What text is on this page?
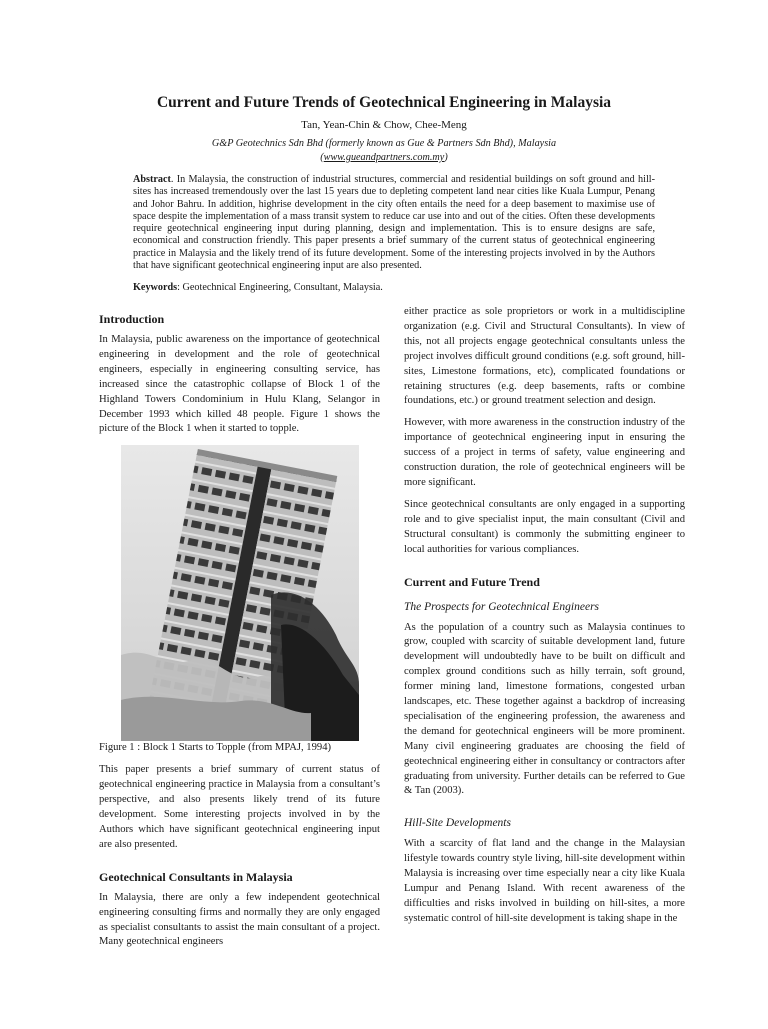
Current and Future Trends of Geotechnical Engineering in Malaysia

Tan, Yean-Chin & Chow, Chee-Meng

G&P Geotechnics Sdn Bhd (formerly known as Gue & Partners Sdn Bhd), Malaysia

(www.gueandpartners.com.my)

Abstract. In Malaysia, the construction of industrial structures, commercial and residential buildings on soft ground and hill-sites has increased tremendously over the last 15 years due to depleting competent land near cities like Kuala Lumpur, Penang and Johor Bahru. In addition, highrise development in the city often entails the need for a deep basement to maximise use of space despite the implementation of a mass transit system to reduce car use into and out of the cities. Often these developments require geotechnical engineering input during planning, design and implementation. This is to ensure designs are safe, economical and construction friendly. This paper presents a brief summary of the current status of geotechnical engineering practice in Malaysia and the likely trend of its future development. Some of the interesting projects involved in by the Authors that have significant geotechnical engineering input are also presented.

Keywords: Geotechnical Engineering, Consultant, Malaysia.

Introduction

In Malaysia, public awareness on the importance of geotechnical engineering in development and the role of geotechnical engineers, especially in engineering consulting service, has increased since the catastrophic collapse of Block 1 of the Highland Towers Condominium in Hulu Klang, Selangor in December 1993 which killed 48 people. Figure 1 shows the picture of the Block 1 when it started to topple.

Figure 1 : Block 1 Starts to Topple (from MPAJ, 1994)

This paper presents a brief summary of current status of geotechnical engineering practice in Malaysia from a consultant’s perspective, and also presents likely trend of its future development. Some interesting projects involved in by the Authors which have significant geotechnical engineering input are also presented.

Geotechnical Consultants in Malaysia

In Malaysia, there are only a few independent geotechnical engineering consulting firms and normally they are only engaged as specialist consultants to assist the main consultant of a project. Many geotechnical engineers

either practice as sole proprietors or work in a multidiscipline organization (e.g. Civil and Structural Consultants). In view of this, not all projects engage geotechnical consultants unless the project involves difficult ground conditions (e.g. soft ground, hill-sites, Limestone formations, etc), complicated foundations or retaining structures (e.g. deep basements, rafts or combine foundations, etc.) or ground treatment selection and design.

However, with more awareness in the construction industry of the importance of geotechnical engineering input in ensuring the success of a project in terms of safety, value engineering and construction duration, the role of geotechnical engineers will be more significant.

Since geotechnical consultants are only engaged in a supporting role and to give specialist input, the main consultant (Civil and Structural consultant) is commonly the submitting engineer to local authorities for various compliances.

Current and Future Trend
The Prospects for Geotechnical Engineers

As the population of a country such as Malaysia continues to grow, coupled with scarcity of suitable development land, future development will undoubtedly have to be built on difficult and complex ground conditions such as hilly terrain, soft ground, former mining land, limestone formations, congested urban landscapes, etc. These together against a backdrop of increasing specialisation of the engineering profession, the awareness and the demand for geotechnical engineers will be more prominent. Many civil engineering graduates are choosing the field of geotechnical engineering either in consultancy or contractors after graduating from university. Further details can be referred to Gue & Tan (2003).

Hill-Site Developments

With a scarcity of flat land and the change in the Malaysian lifestyle towards country style living, hill-site development within Malaysia is increasing over time especially near a city like Kuala Lumpur and Penang Island. With recent awareness of the difficulties and risks involved in building on hill-sites, a more systematic control of hill-site development is taking shape in the
